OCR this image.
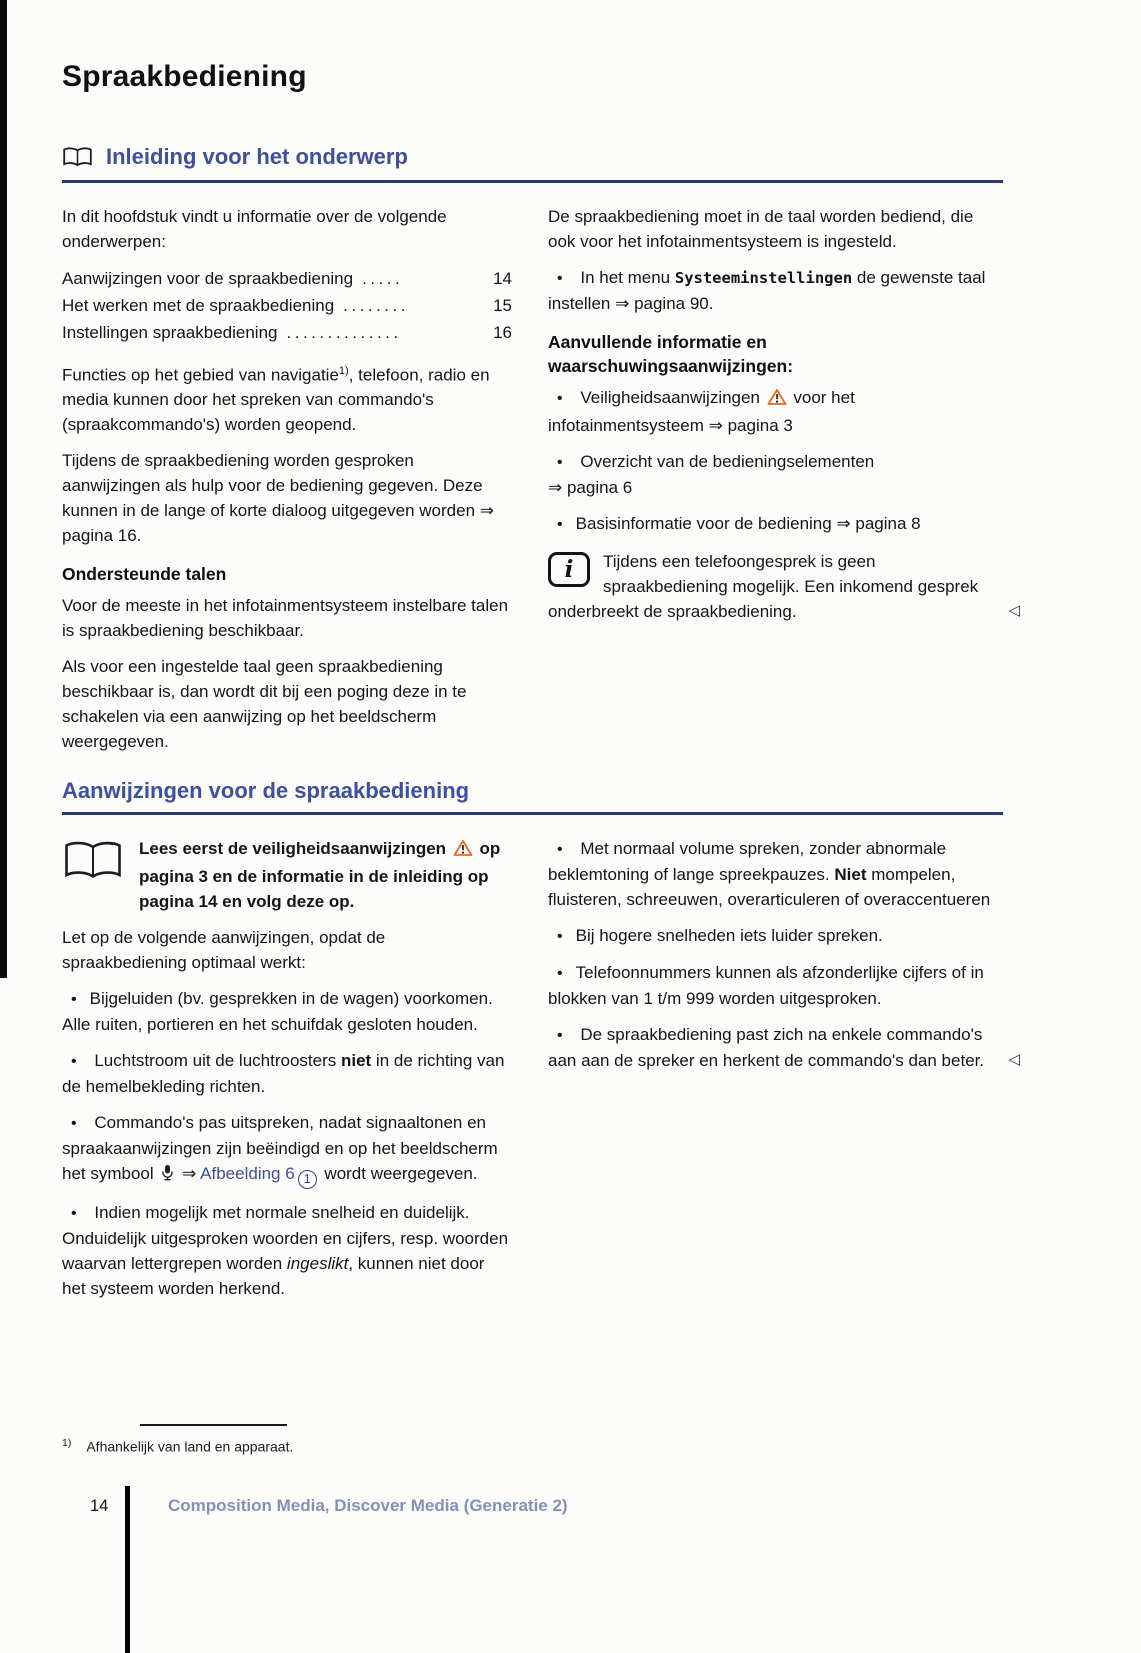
Spraakbediening
Inleiding voor het onderwerp

In dit hoofdstuk vindt u informatie over de volgende onderwerpen:

Aanwijzingen voor de spraakbediening .....	14
Het werken met de spraakbediening ........	15
Instellingen spraakbediening ..............	16

Functies op het gebied van navigatie$^{1)}$, telefoon, radio en media kunnen door het spreken van commando's (spraakcommando's) worden geopend.

Tijdens de spraakbediening worden gesproken aanwijzingen als hulp voor de bediening gegeven. Deze kunnen in de lange of korte dialoog uitgegeven worden ⇒ pagina 16.

Ondersteunde talen

Voor de meeste in het infotainmentsysteem instelbare talen is spraakbediening beschikbaar.

Als voor een ingestelde taal geen spraakbediening beschikbaar is, dan wordt dit bij een poging deze in te schakelen via een aanwijzing op het beeldscherm weergegeven.

De spraakbediening moet in de taal worden bediend, die ook voor het infotainmentsysteem is ingesteld.

• In het menu Systeeminstellingen de gewenste taal instellen ⇒ pagina 90.

Aanvullende informatie en waarschuwingsaanwijzingen:

• Veiligheidsaanwijzingen  voor het infotainmentsysteem ⇒ pagina 3

• Overzicht van de bedieningselementen
⇒ pagina 6

• Basisinformatie voor de bediening ⇒ pagina 8

i Tijdens een telefoongesprek is geen spraakbediening mogelijk. Een inkomend gesprek onderbreekt de spraakbediening.	◁
Aanwijzingen voor de spraakbediening

Lees eerst de veiligheidsaanwijzingen  op pagina 3 en de informatie in de inleiding op pagina 14 en volg deze op.

Let op de volgende aanwijzingen, opdat de spraakbediening optimaal werkt:

• Bijgeluiden (bv. gesprekken in de wagen) voorkomen. Alle ruiten, portieren en het schuifdak gesloten houden.

• Luchtstroom uit de luchtroosters niet in de richting van de hemelbekleding richten.

• Commando's pas uitspreken, nadat signaaltonen en spraakaanwijzingen zijn beëindigd en op het beeldscherm het symbool  ⇒ Afbeelding 6 1 wordt weergegeven.

• Indien mogelijk met normale snelheid en duidelijk. Onduidelijk uitgesproken woorden en cijfers, resp. woorden waarvan lettergrepen worden ingeslikt, kunnen niet door het systeem worden herkend.

• Met normaal volume spreken, zonder abnormale beklemtoning of lange spreekpauzes. Niet mompelen, fluisteren, schreeuwen, overarticuleren of overaccentueren

• Bij hogere snelheden iets luider spreken.

• Telefoonnummers kunnen als afzonderlijke cijfers of in blokken van 1 t/m 999 worden uitgesproken.

• De spraakbediening past zich na enkele commando's aan aan de spreker en herkent de commando's dan beter.	◁

$^{1)}$ Afhankelijk van land en apparaat.
14	Composition Media, Discover Media (Generatie 2)
